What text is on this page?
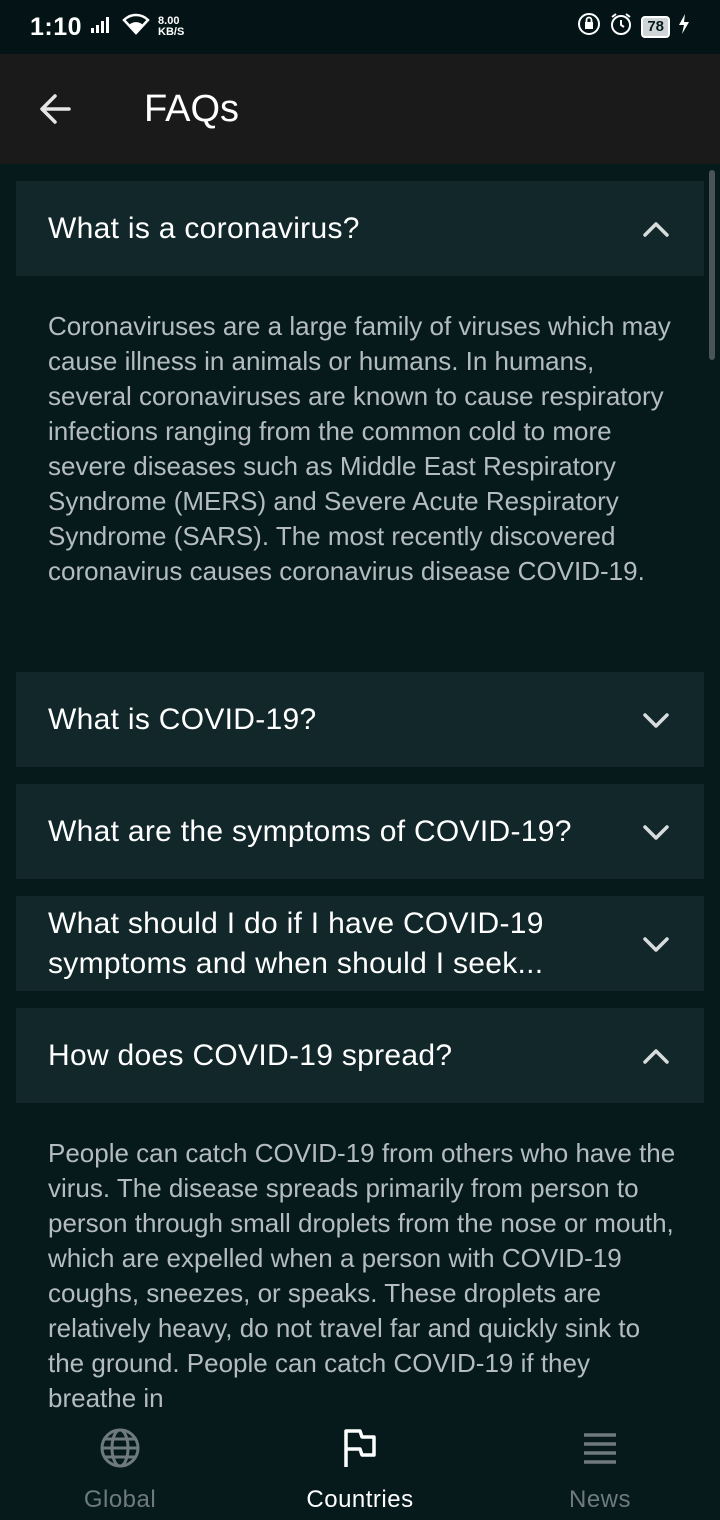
1:10	8.00
KB/S	78
FAQs
What is a coronavirus?
Coronaviruses are a large family of viruses which may cause illness in animals or humans. In humans, several coronaviruses are known to cause respiratory infections ranging from the common cold to more severe diseases such as Middle East Respiratory Syndrome (MERS) and Severe Acute Respiratory Syndrome (SARS). The most recently discovered coronavirus causes coronavirus disease COVID-19.
What is COVID-19?
What are the symptoms of COVID-19?
What should I do if I have COVID-19 symptoms and when should I seek...
How does COVID-19 spread?
People can catch COVID-19 from others who have the virus. The disease spreads primarily from person to person through small droplets from the nose or mouth, which are expelled when a person with COVID-19 coughs, sneezes, or speaks. These droplets are relatively heavy, do not travel far and quickly sink to the ground. People can catch COVID-19 if they breathe in
Global	Countries	News
